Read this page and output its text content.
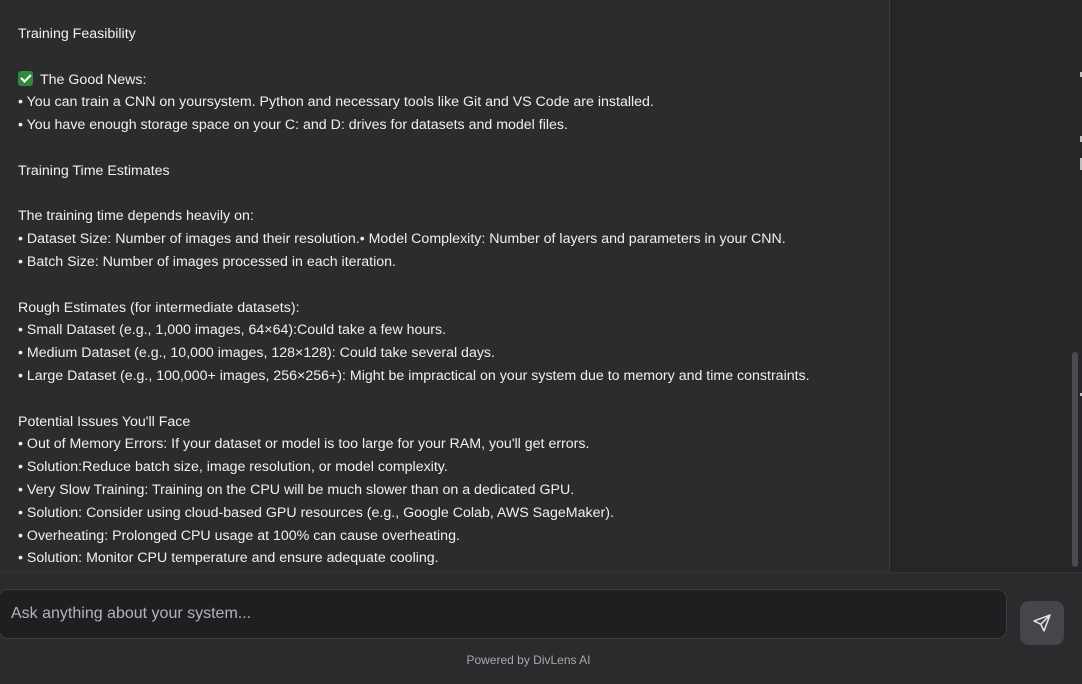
Training Feasibility
The Good News:
• You can train a CNN on yoursystem. Python and necessary tools like Git and VS Code are installed.
• You have enough storage space on your C: and D: drives for datasets and model files.
Training Time Estimates
The training time depends heavily on:
• Dataset Size: Number of images and their resolution.• Model Complexity: Number of layers and parameters in your CNN.
• Batch Size: Number of images processed in each iteration.
Rough Estimates (for intermediate datasets):
• Small Dataset (e.g., 1,000 images, 64×64):Could take a few hours.
• Medium Dataset (e.g., 10,000 images, 128×128): Could take several days.
• Large Dataset (e.g., 100,000+ images, 256×256+): Might be impractical on your system due to memory and time constraints.
Potential Issues You'll Face
• Out of Memory Errors: If your dataset or model is too large for your RAM, you'll get errors.
• Solution:Reduce batch size, image resolution, or model complexity.
• Very Slow Training: Training on the CPU will be much slower than on a dedicated GPU.
• Solution: Consider using cloud-based GPU resources (e.g., Google Colab, AWS SageMaker).
• Overheating: Prolonged CPU usage at 100% can cause overheating.
• Solution: Monitor CPU temperature and ensure adequate cooling.
Ask anything about your system...
Powered by DivLens AI
